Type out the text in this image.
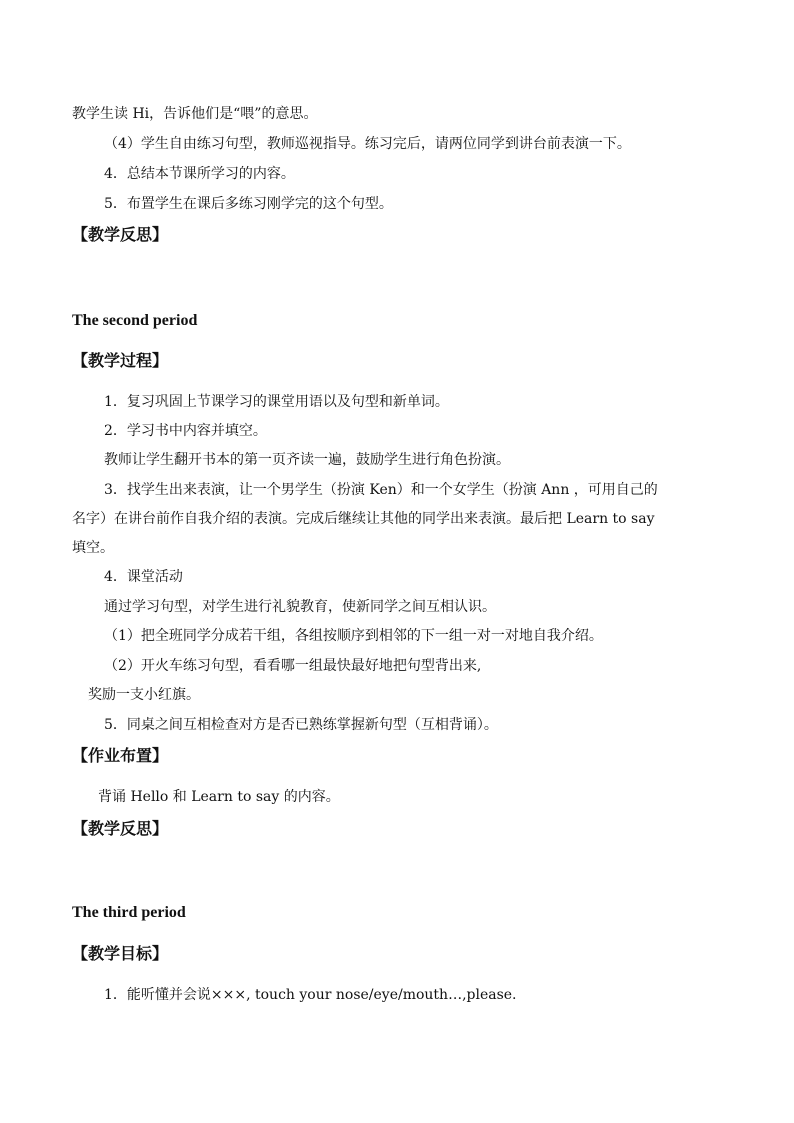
教学生读 Hi，告诉他们是“喂”的意思。
（4）学生自由练习句型，教师巡视指导。练习完后，请两位同学到讲台前表演一下。
4．总结本节课所学习的内容。
5．布置学生在课后多练习刚学完的这个句型。
【教学反思】
The second period
【教学过程】
1．复习巩固上节课学习的课堂用语以及句型和新单词。
2．学习书中内容并填空。
教师让学生翻开书本的第一页齐读一遍，鼓励学生进行角色扮演。
3．找学生出来表演，让一个男学生（扮演 Ken）和一个女学生（扮演 Ann ，可用自己的
名字）在讲台前作自我介绍的表演。完成后继续让其他的同学出来表演。最后把 Learn to say
填空。
4．课堂活动
通过学习句型，对学生进行礼貌教育，使新同学之间互相认识。
（1）把全班同学分成若干组，各组按顺序到相邻的下一组一对一对地自我介绍。
（2）开火车练习句型，看看哪一组最快最好地把句型背出来,
奖励一支小红旗。
5．同桌之间互相检查对方是否已熟练掌握新句型（互相背诵）。
【作业布置】
背诵 Hello 和 Learn to say 的内容。
【教学反思】
The third period
【教学目标】
1．能听懂并会说×××, touch your nose/eye/mouth…,please.
